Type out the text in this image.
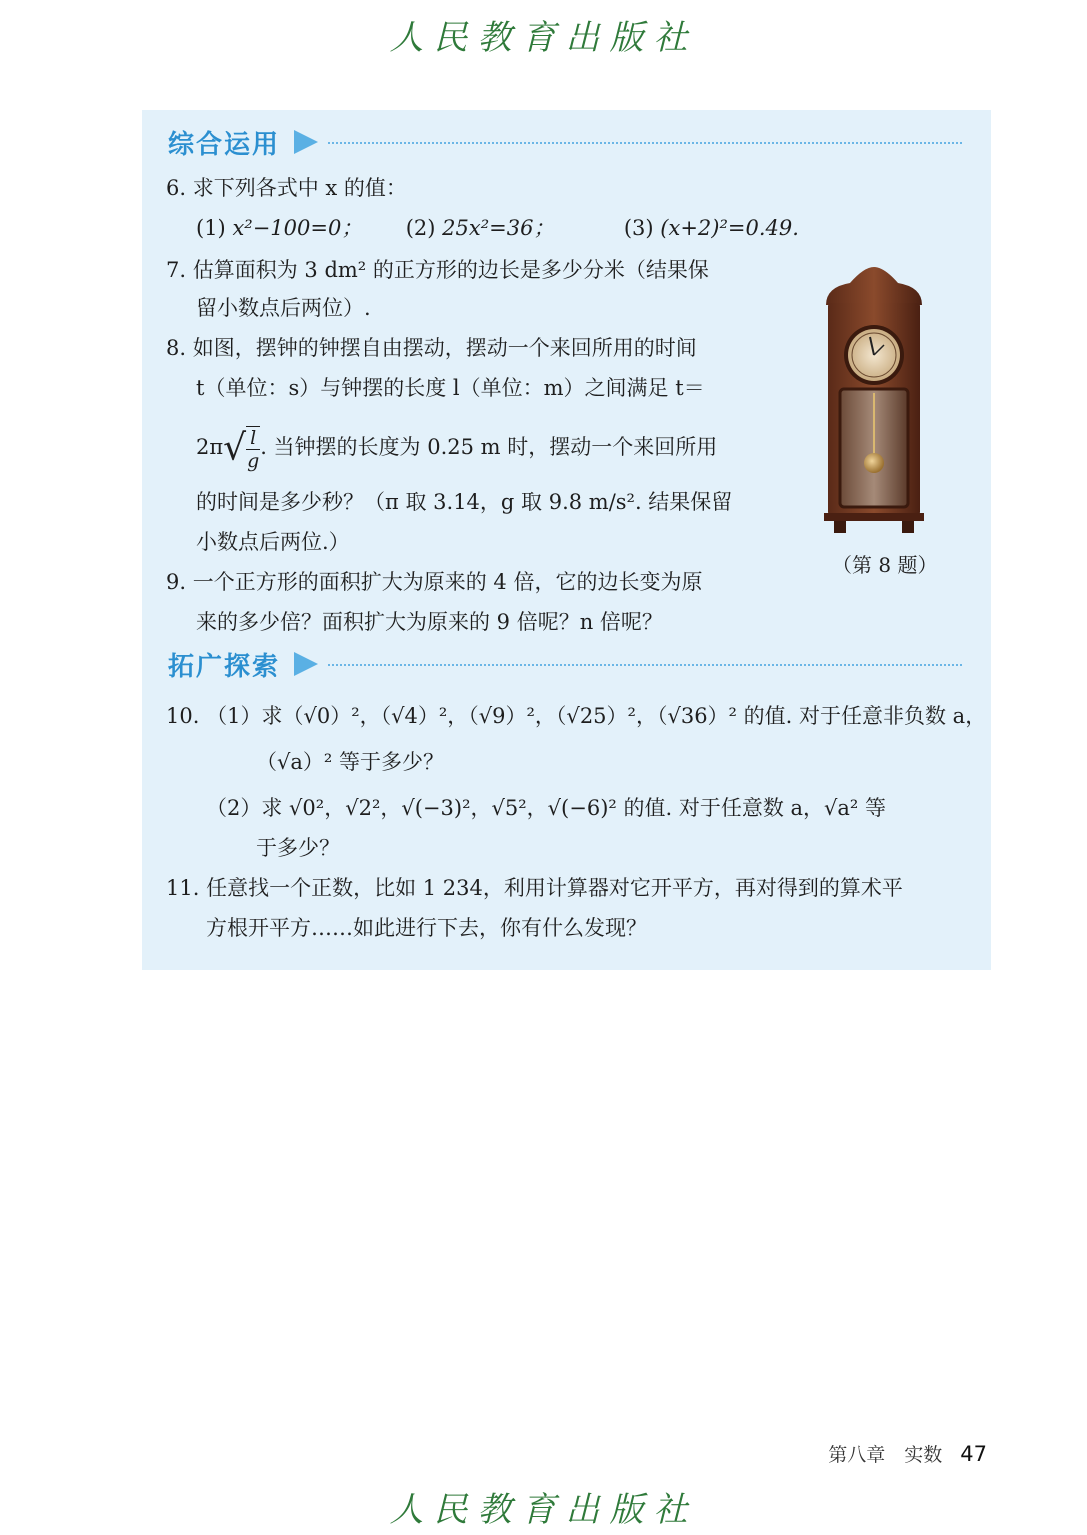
人民教育出版社
综合运用
6. 求下列各式中 x 的值：
(1) x²−100=0； (2) 25x²=36；	(3) (x+2)²=0.49.
7. 估算面积为 3 dm² 的正方形的边长是多少分米（结果保
留小数点后两位）.
8. 如图，摆钟的钟摆自由摆动，摆动一个来回所用的时间
t（单位：s）与钟摆的长度 l（单位：m）之间满足 t＝
$2\pi√ \frac{l}{g}$ . 当钟摆的长度为 0.25 m 时，摆动一个来回所用
的时间是多少秒？（π 取 3.14，g 取 9.8 m/s². 结果保留
小数点后两位.）
9. 一个正方形的面积扩大为原来的 4 倍，它的边长变为原
来的多少倍？面积扩大为原来的 9 倍呢？n 倍呢？
拓广探索
10. （1）求（√0）²，（√4）²，（√9）²，（√25）²，（√36）² 的值. 对于任意非负数 a，
（√a）² 等于多少？
（2）求 √0²，√2²，√(−3)²，√5²，√(−6)² 的值. 对于任意数 a，√a² 等
于多少？
11. 任意找一个正数，比如 1 234，利用计算器对它开平方，再对得到的算术平
方根开平方……如此进行下去，你有什么发现？
（第 8 题）
第八章　实数 47
人民教育出版社
